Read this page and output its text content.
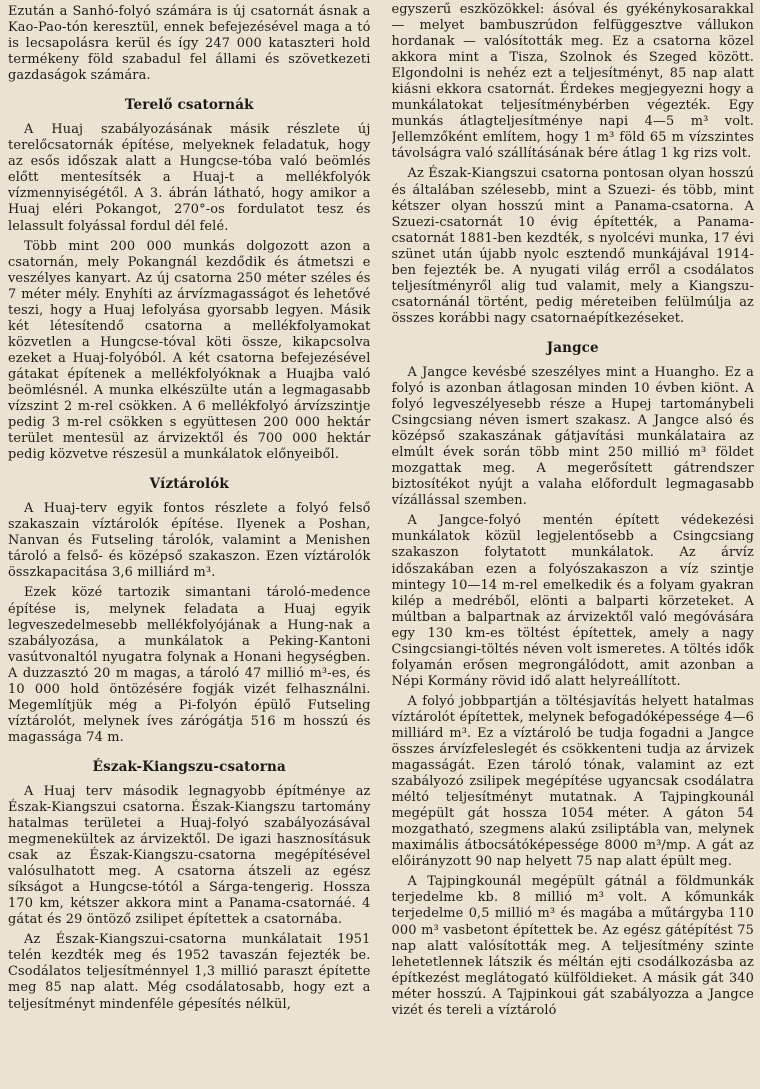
Ezután a Sanhó-folyó számára is új csatornát ásnak a Kao-Pao-tón keresztül, ennek befejezésével maga a tó is lecsapolásra kerül és így 247 000 kataszteri hold termékeny föld szabadul fel állami és szövetkezeti gazdaságok számára.

Terelő csatornák

A Huaj szabályozásának másik részlete új terelőcsatornák építése, melyeknek feladatuk, hogy az esős időszak alatt a Hungcse-tóba való beömlés előtt mentesítsék a Huaj-t a mellékfolyók vízmennyiségétől. A 3. ábrán látható, hogy amikor a Huaj eléri Pokangot, 270°-os fordulatot tesz és lelassult folyással fordul dél felé.

Több mint 200 000 munkás dolgozott azon a csatornán, mely Pokangnál kezdődik és átmetszi e veszélyes kanyart. Az új csatorna 250 méter széles és 7 méter mély. Enyhíti az árvízmagasságot és lehetővé teszi, hogy a Huaj lefolyása gyorsabb legyen. Másik két létesítendő csatorna a mellékfolyamokat közvetlen a Hungcse-tóval köti össze, kikapcsolva ezeket a Huaj-folyóból. A két csatorna befejezésével gátakat építenek a mellékfolyóknak a Huajba való beömlésnél. A munka elkészülte után a legmagasabb vízszint 2 m-rel csökken. A 6 mellékfolyó árvízszintje pedig 3 m-rel csökken s együttesen 200 000 hektár terület mentesül az árvizektől és 700 000 hektár pedig közvetve részesül a munkálatok előnyeiből.

Víztárolók

A Huaj-terv egyik fontos részlete a folyó felső szakaszain víztárolók építése. Ilyenek a Poshan, Nanvan és Futseling tárolók, valamint a Menishen tároló a felső- és középső szakaszon. Ezen víztárolók összkapacitása 3,6 milliárd m³.

Ezek közé tartozik simantani tároló-medence építése is, melynek feladata a Huaj egyik legveszedelmesebb mellékfolyójának a Hung-nak a szabályozása, a munkálatok a Peking-Kantoni vasútvonaltól nyugatra folynak a Honani hegységben. A duzzasztó 20 m magas, a tároló 47 millió m³-es, és 10 000 hold öntözésére fogják vizét felhasználni. Megemlítjük még a Pi-folyón épülő Futseling víztárolót, melynek íves zárógátja 516 m hosszú és magassága 74 m.

Észak-Kiangszu-csatorna

A Huaj terv második legnagyobb építménye az Észak-Kiangszui csatorna. Észak-Kiangszu tartomány hatalmas területei a Huaj-folyó szabályozásával megmenekültek az árvizektől. De igazi hasznosításuk csak az Észak-Kiangszu-csatorna megépítésével valósulhatott meg. A csatorna átszeli az egész síkságot a Hungcse-tótól a Sárga-tengerig. Hossza 170 km, kétszer akkora mint a Panama-csatornáé. 4 gátat és 29 öntöző zsilipet építettek a csatornába.

Az Észak-Kiangszui-csatorna munkálatait 1951 telén kezdték meg és 1952 tavaszán fejezték be. Csodálatos teljesítménnyel 1,3 millió paraszt építette meg 85 nap alatt. Még csodálatosabb, hogy ezt a teljesítményt mindenféle gépesítés nélkül,

egyszerű eszközökkel: ásóval és gyékénykosarakkal — melyet bambuszrúdon felfüggesztve vállukon hordanak — valósították meg. Ez a csatorna közel akkora mint a Tisza, Szolnok és Szeged között. Elgondolni is nehéz ezt a teljesítményt, 85 nap alatt kiásni ekkora csatornát. Érdekes megjegyezni hogy a munkálatokat teljesítménybérben végezték. Egy munkás átlagteljesítménye napi 4—5 m³ volt. Jellemzőként említem, hogy 1 m³ föld 65 m vízszintes távolságra való szállításának bére átlag 1 kg rizs volt.

Az Észak-Kiangszui csatorna pontosan olyan hosszú és általában szélesebb, mint a Szuezi- és több, mint kétszer olyan hosszú mint a Panama-csatorna. A Szuezi-csatornát 10 évig építették, a Panama-csatornát 1881-ben kezdték, s nyolcévi munka, 17 évi szünet után újabb nyolc esztendő munkájával 1914-ben fejezték be. A nyugati világ erről a csodálatos teljesítményről alig tud valamit, mely a Kiangszu-csatornánál történt, pedig méreteiben felülmúlja az összes korábbi nagy csatornaépítkezéseket.

Jangce

A Jangce kevésbé szeszélyes mint a Huangho. Ez a folyó is azonban átlagosan minden 10 évben kiönt. A folyó legveszélyesebb része a Hupej tartománybeli Csingcsiang néven ismert szakasz. A Jangce alsó és középső szakaszának gátjavítási munkálataira az elmúlt évek során több mint 250 millió m³ földet mozgattak meg. A megerősített gátrendszer biztosítékot nyújt a valaha előfordult legmagasabb vízállással szemben.

A Jangce-folyó mentén épített védekezési munkálatok közül legjelentősebb a Csingcsiang szakaszon folytatott munkálatok. Az árvíz időszakában ezen a folyószakaszon a víz szintje mintegy 10—14 m-rel emelkedik és a folyam gyakran kilép a medréből, elönti a balparti körzeteket. A múltban a balpartnak az árvizektől való megóvására egy 130 km-es töltést építettek, amely a nagy Csingcsiangi-töltés néven volt ismeretes. A töltés idők folyamán erősen megrongálódott, amit azonban a Népi Kormány rövid idő alatt helyreállított.

A folyó jobbpartján a töltésjavítás helyett hatalmas víztárolót építettek, melynek befogadóképessége 4—6 milliárd m³. Ez a víztároló be tudja fogadni a Jangce összes árvízfeleslegét és csökkenteni tudja az árvizek magasságát. Ezen tároló tónak, valamint az ezt szabályozó zsilipek megépítése ugyancsak csodálatra méltó teljesítményt mutatnak. A Tajpingkounál megépült gát hossza 1054 méter. A gáton 54 mozgatható, szegmens alakú zsiliptábla van, melynek maximális átbocsátóképessége 8000 m³/mp. A gát az előirányzott 90 nap helyett 75 nap alatt épült meg.

A Tajpingkounál megépült gátnál a földmunkák terjedelme kb. 8 millió m³ volt. A kőmunkák terjedelme 0,5 millió m³ és magába a műtárgyba 110 000 m³ vasbetont építettek be. Az egész gátépítést 75 nap alatt valósították meg. A teljesítmény szinte lehetetlennek látszik és méltán ejti csodálkozásba az építkezést meglátogató külföldieket. A másik gát 340 méter hosszú. A Tajpinkoui gát szabályozza a Jangce vizét és tereli a víztároló
